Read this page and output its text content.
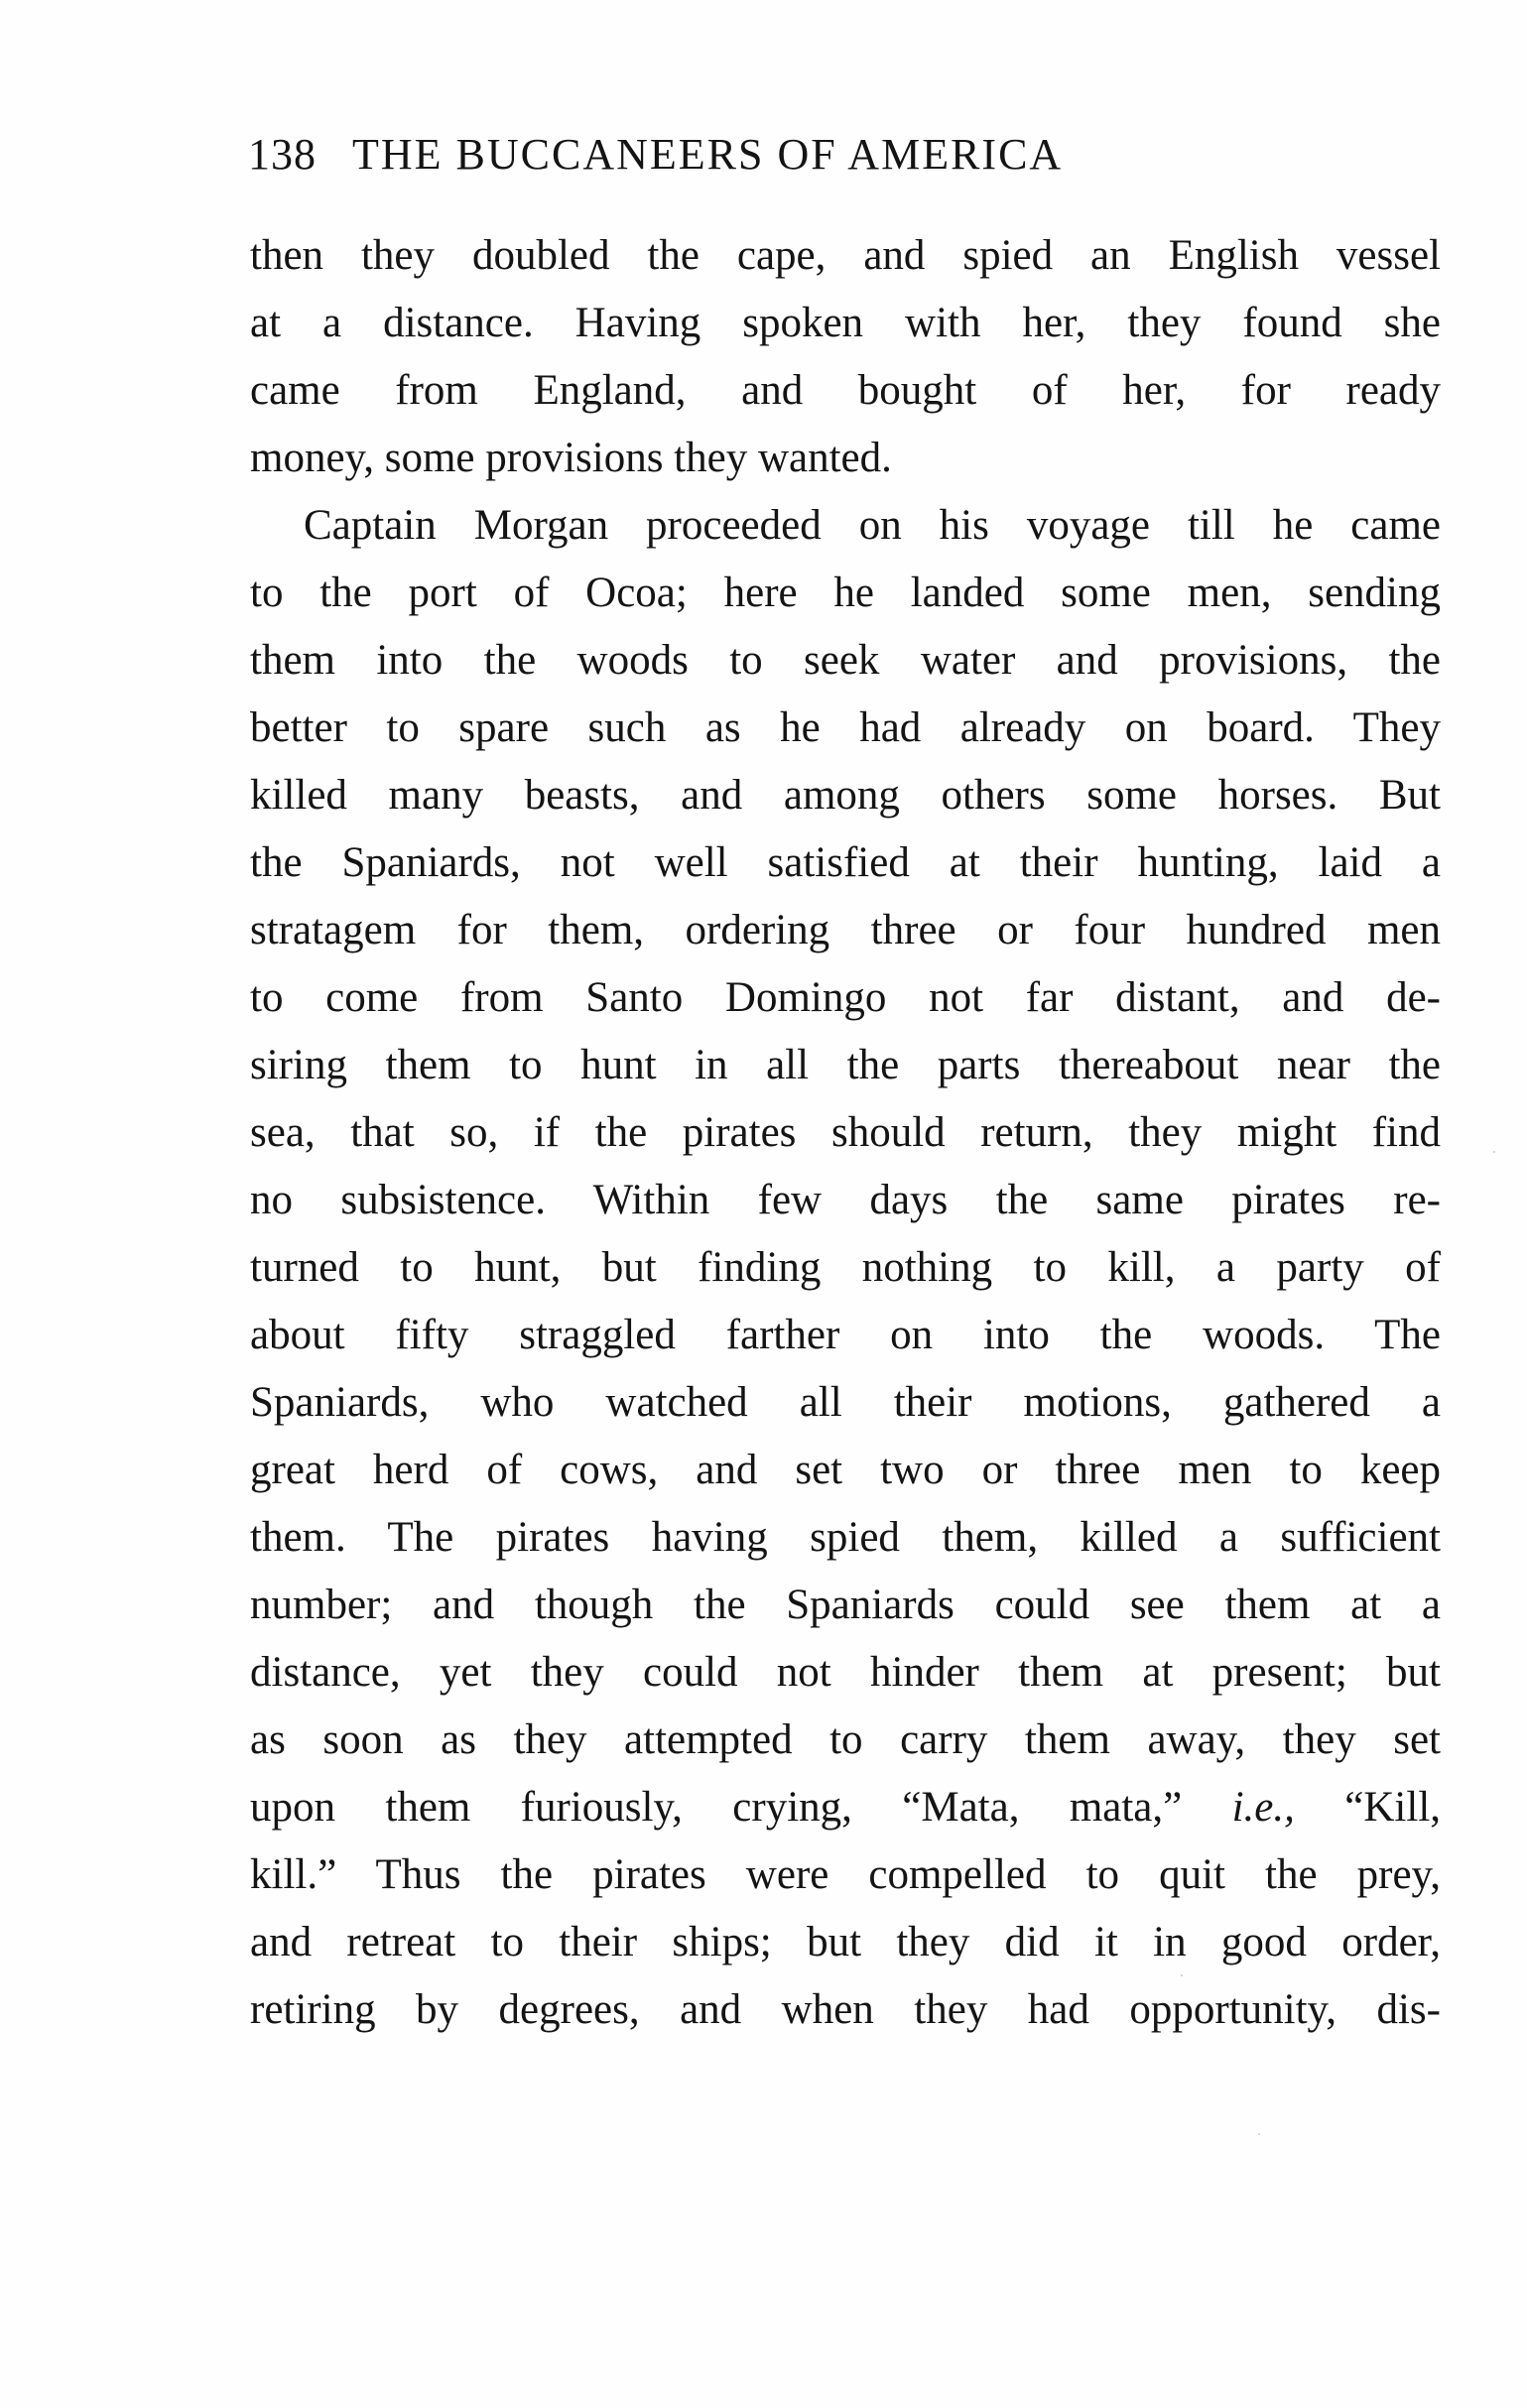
138 THE BUCCANEERS OF AMERICA
then they doubled the cape, and spied an English vessel
at a distance. Having spoken with her, they found she
came from England, and bought of her, for ready
money, some provisions they wanted.
Captain Morgan proceeded on his voyage till he came
to the port of Ocoa; here he landed some men, sending
them into the woods to seek water and provisions, the
better to spare such as he had already on board. They
killed many beasts, and among others some horses. But
the Spaniards, not well satisfied at their hunting, laid a
stratagem for them, ordering three or four hundred men
to come from Santo Domingo not far distant, and de-
siring them to hunt in all the parts thereabout near the
sea, that so, if the pirates should return, they might find
no subsistence. Within few days the same pirates re-
turned to hunt, but finding nothing to kill, a party of
about fifty straggled farther on into the woods. The
Spaniards, who watched all their motions, gathered a
great herd of cows, and set two or three men to keep
them. The pirates having spied them, killed a sufficient
number; and though the Spaniards could see them at a
distance, yet they could not hinder them at present; but
as soon as they attempted to carry them away, they set
upon them furiously, crying, “Mata, mata,” i.e., “Kill,
kill.” Thus the pirates were compelled to quit the prey,
and retreat to their ships; but they did it in good order,
retiring by degrees, and when they had opportunity, dis-
